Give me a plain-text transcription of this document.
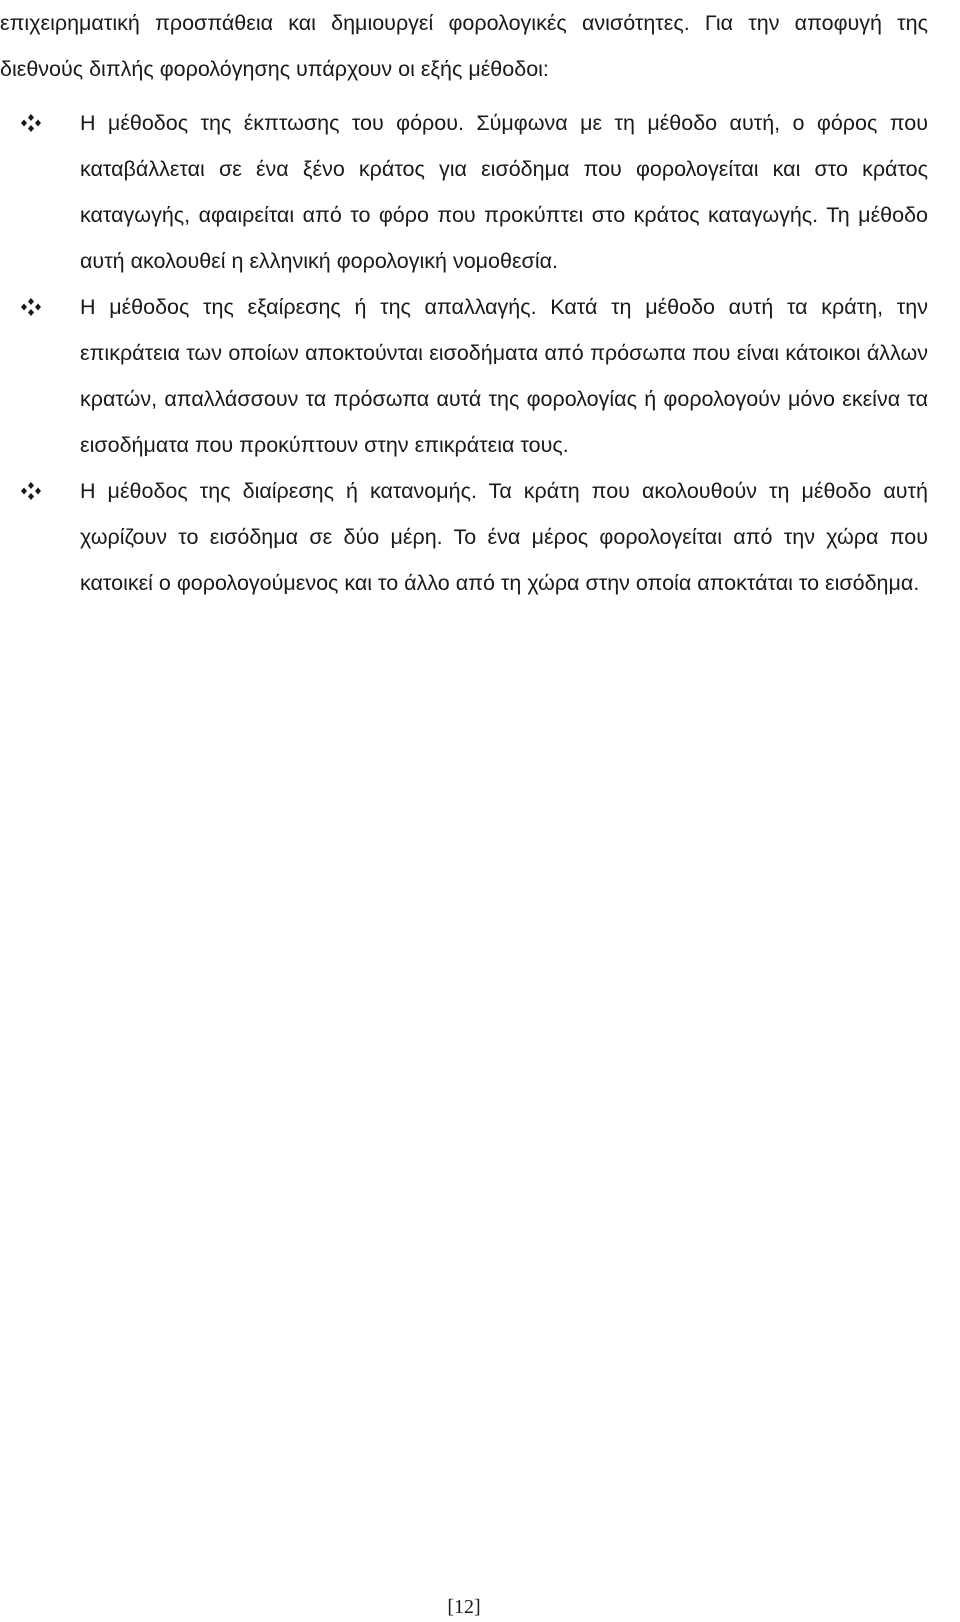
επιχειρηματική προσπάθεια και δημιουργεί φορολογικές ανισότητες. Για την αποφυγή της διεθνούς διπλής φορολόγησης υπάρχουν οι εξής μέθοδοι:

Η μέθοδος της έκπτωσης του φόρου. Σύμφωνα με τη μέθοδο αυτή, ο φόρος που καταβάλλεται σε ένα ξένο κράτος για εισόδημα που φορολογείται και στο κράτος καταγωγής, αφαιρείται από το φόρο που προκύπτει στο κράτος καταγωγής. Τη μέθοδο αυτή ακολουθεί η ελληνική φορολογική νομοθεσία.
Η μέθοδος της εξαίρεσης ή της απαλλαγής. Κατά τη μέθοδο αυτή τα κράτη, την επικράτεια των οποίων αποκτούνται εισοδήματα από πρόσωπα που είναι κάτοικοι άλλων κρατών, απαλλάσσουν τα πρόσωπα αυτά της φορολογίας ή φορολογούν μόνο εκείνα τα εισοδήματα που προκύπτουν στην επικράτεια τους.
Η μέθοδος της διαίρεσης ή κατανομής. Τα κράτη που ακολουθούν τη μέθοδο αυτή χωρίζουν το εισόδημα σε δύο μέρη. Το ένα μέρος φορολογείται από την χώρα που κατοικεί ο φορολογούμενος και το άλλο από τη χώρα στην οποία αποκτάται το εισόδημα.
[12]
